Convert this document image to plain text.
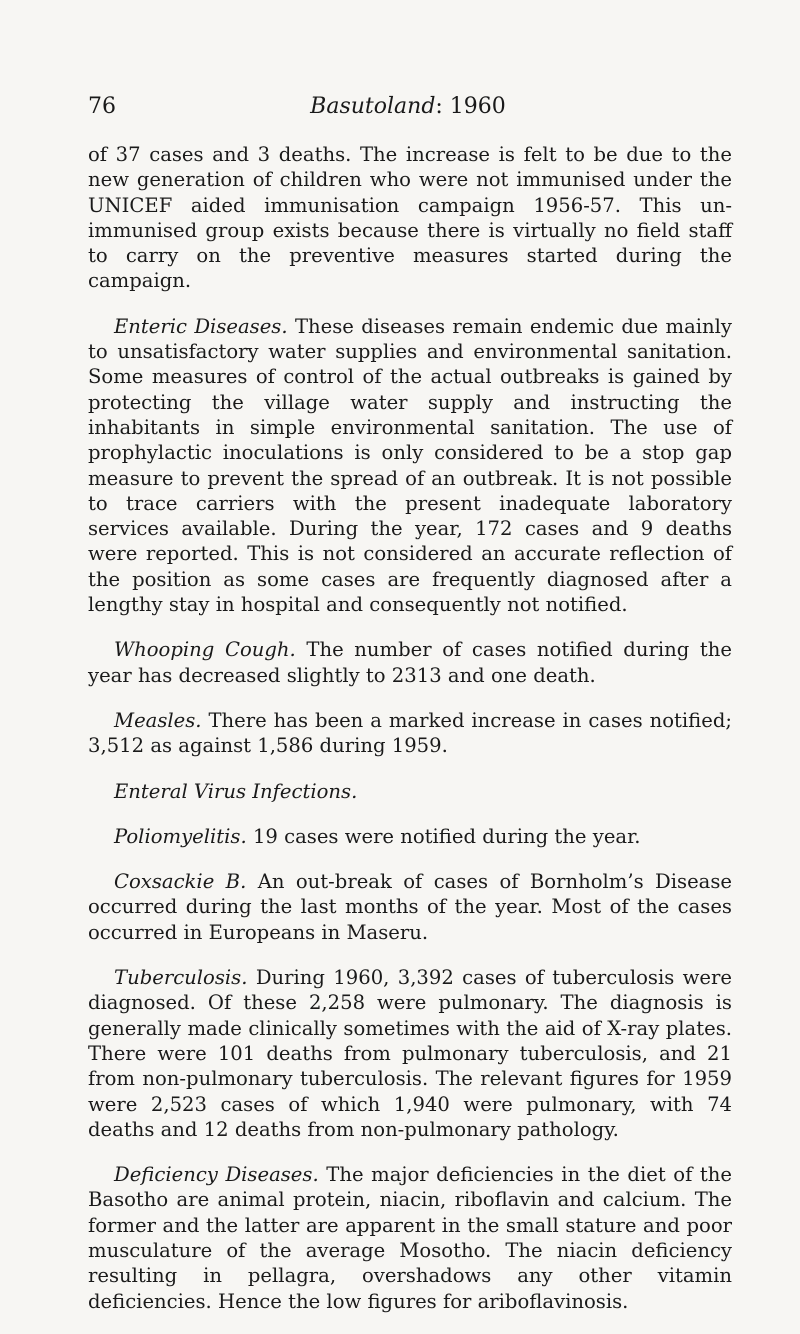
76	Basutoland: 1960

of 37 cases and 3 deaths. The increase is felt to be due to the new generation of children who were not immunised under the UNICEF aided immunisation campaign 1956-57. This un-immunised group exists because there is virtually no field staff to carry on the preventive measures started during the campaign.

Enteric Diseases. These diseases remain endemic due mainly to unsatisfactory water supplies and environmental sanitation. Some measures of control of the actual outbreaks is gained by protecting the village water supply and instructing the inhabitants in simple environmental sanitation. The use of prophylactic inoculations is only considered to be a stop gap measure to prevent the spread of an outbreak. It is not possible to trace carriers with the present inadequate laboratory services available. During the year, 172 cases and 9 deaths were reported. This is not considered an accurate reflection of the position as some cases are frequently diagnosed after a lengthy stay in hospital and consequently not notified.

Whooping Cough. The number of cases notified during the year has decreased slightly to 2313 and one death.

Measles. There has been a marked increase in cases notified; 3,512 as against 1,586 during 1959.

Enteral Virus Infections.

Poliomyelitis. 19 cases were notified during the year.

Coxsackie B. An out-break of cases of Bornholm’s Disease occurred during the last months of the year. Most of the cases occurred in Europeans in Maseru.

Tuberculosis. During 1960, 3,392 cases of tuberculosis were diagnosed. Of these 2,258 were pulmonary. The diagnosis is generally made clinically sometimes with the aid of X-ray plates. There were 101 deaths from pulmonary tuberculosis, and 21 from non-pulmonary tuberculosis. The relevant figures for 1959 were 2,523 cases of which 1,940 were pulmonary, with 74 deaths and 12 deaths from non-pulmonary pathology.

Deficiency Diseases. The major deficiencies in the diet of the Basotho are animal protein, niacin, riboflavin and calcium. The former and the latter are apparent in the small stature and poor musculature of the average Mosotho. The niacin deficiency resulting in pellagra, overshadows any other vitamin deficiencies. Hence the low figures for ariboflavinosis.
